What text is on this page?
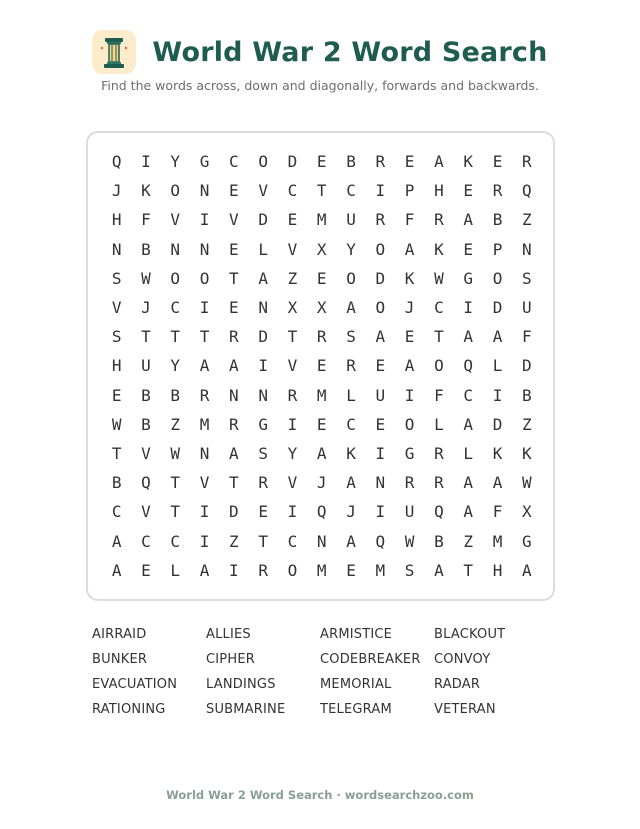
World War 2 Word Search
Find the words across, down and diagonally, forwards and backwards.
Q	I	Y	G	C	O	D	E	B	R	E	A	K	E	R
J	K	O	N	E	V	C	T	C	I	P	H	E	R	Q
H	F	V	I	V	D	E	M	U	R	F	R	A	B	Z
N	B	N	N	E	L	V	X	Y	O	A	K	E	P	N
S	W	O	O	T	A	Z	E	O	D	K	W	G	O	S
V	J	C	I	E	N	X	X	A	O	J	C	I	D	U
S	T	T	T	R	D	T	R	S	A	E	T	A	A	F
H	U	Y	A	A	I	V	E	R	E	A	O	Q	L	D
E	B	B	R	N	N	R	M	L	U	I	F	C	I	B
W	B	Z	M	R	G	I	E	C	E	O	L	A	D	Z
T	V	W	N	A	S	Y	A	K	I	G	R	L	K	K
B	Q	T	V	T	R	V	J	A	N	R	R	A	A	W
C	V	T	I	D	E	I	Q	J	I	U	Q	A	F	X
A	C	C	I	Z	T	C	N	A	Q	W	B	Z	M	G
A	E	L	A	I	R	O	M	E	M	S	A	T	H	A
AIRRAID	ALLIES	ARMISTICE	BLACKOUT
BUNKER	CIPHER	CODEBREAKER	CONVOY
EVACUATION	LANDINGS	MEMORIAL	RADAR
RATIONING	SUBMARINE	TELEGRAM	VETERAN
World War 2 Word Search · wordsearchzoo.com
